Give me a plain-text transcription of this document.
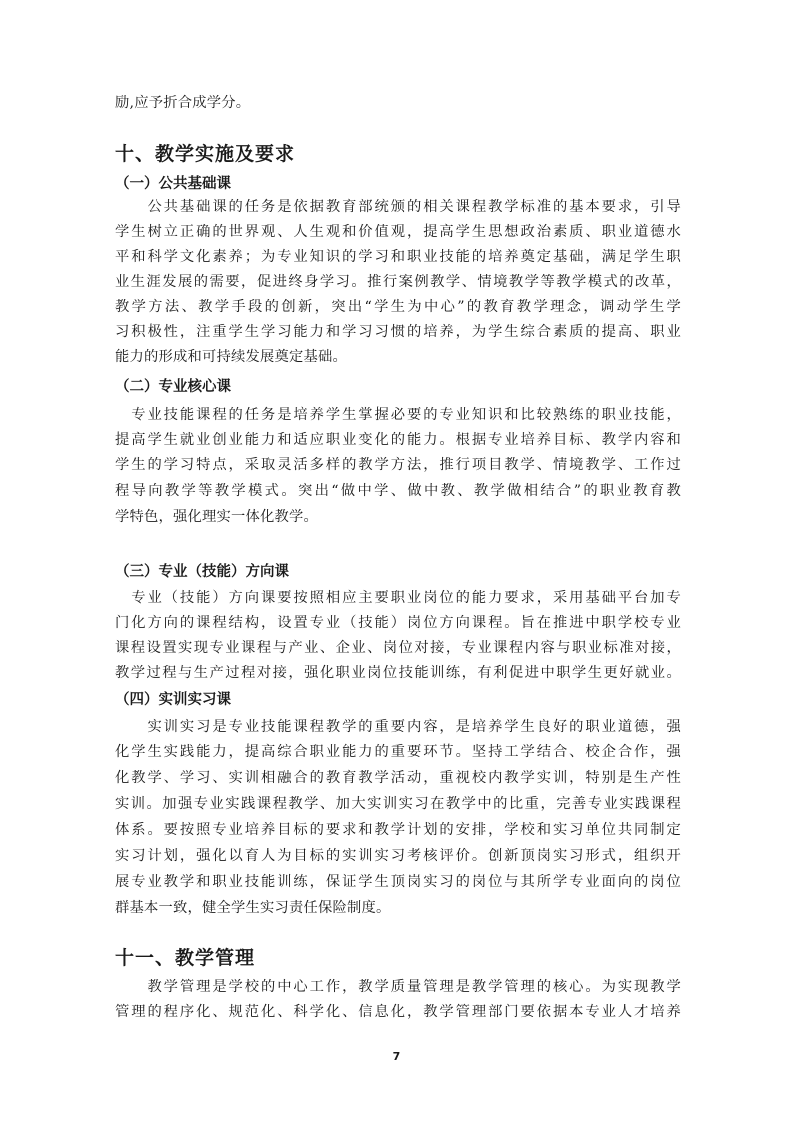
励,应予折合成学分。
十、教学实施及要求
（一）公共基础课
　　公共基础课的任务是依据教育部统颁的相关课程教学标准的基本要求，引导
学生树立正确的世界观、人生观和价值观，提高学生思想政治素质、职业道德水
平和科学文化素养；为专业知识的学习和职业技能的培养奠定基础，满足学生职
业生涯发展的需要，促进终身学习。推行案例教学、情境教学等教学模式的改革，
教学方法、教学手段的创新，突出“学生为中心”的教育教学理念，调动学生学
习积极性，注重学生学习能力和学习习惯的培养，为学生综合素质的提高、职业
能力的形成和可持续发展奠定基础。
（二）专业核心课
　专业技能课程的任务是培养学生掌握必要的专业知识和比较熟练的职业技能，
提高学生就业创业能力和适应职业变化的能力。根据专业培养目标、教学内容和
学生的学习特点，采取灵活多样的教学方法，推行项目教学、情境教学、工作过
程导向教学等教学模式。突出“做中学、做中教、教学做相结合”的职业教育教
学特色，强化理实一体化教学。
（三）专业（技能）方向课
　专业（技能）方向课要按照相应主要职业岗位的能力要求，采用基础平台加专
门化方向的课程结构，设置专业（技能）岗位方向课程。旨在推进中职学校专业
课程设置实现专业课程与产业、企业、岗位对接，专业课程内容与职业标准对接，
教学过程与生产过程对接，强化职业岗位技能训练，有利促进中职学生更好就业。
（四）实训实习课
　　实训实习是专业技能课程教学的重要内容，是培养学生良好的职业道德，强
化学生实践能力，提高综合职业能力的重要环节。坚持工学结合、校企合作，强
化教学、学习、实训相融合的教育教学活动，重视校内教学实训，特别是生产性
实训。加强专业实践课程教学、加大实训实习在教学中的比重，完善专业实践课程
体系。要按照专业培养目标的要求和教学计划的安排，学校和实习单位共同制定
实习计划，强化以育人为目标的实训实习考核评价。创新顶岗实习形式，组织开
展专业教学和职业技能训练，保证学生顶岗实习的岗位与其所学专业面向的岗位
群基本一致，健全学生实习责任保险制度。
十一、教学管理
　　教学管理是学校的中心工作，教学质量管理是教学管理的核心。为实现教学
管理的程序化、规范化、科学化、信息化，教学管理部门要依据本专业人才培养
7
